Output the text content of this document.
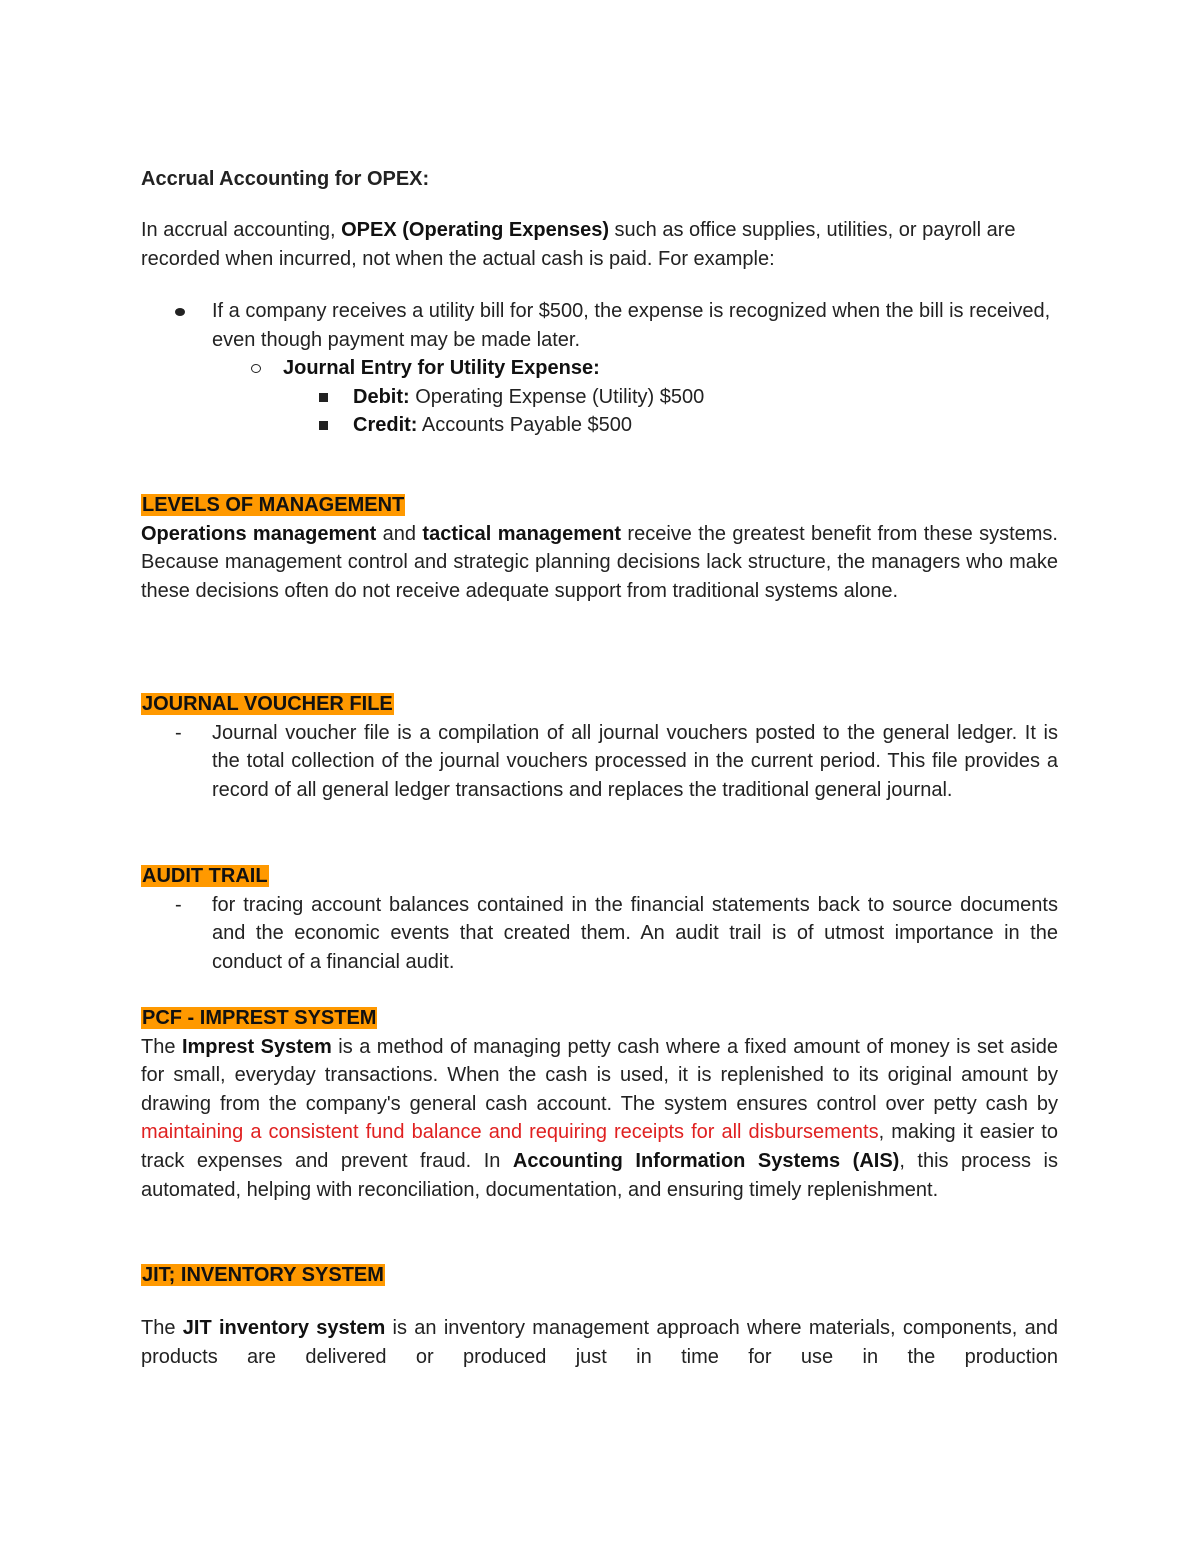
Accrual Accounting for OPEX:

In accrual accounting, OPEX (Operating Expenses) such as office supplies, utilities, or payroll are recorded when incurred, not when the actual cash is paid. For example:

If a company receives a utility bill for $500, the expense is recognized when the bill is received, even though payment may be made later.
Journal Entry for Utility Expense:
Debit: Operating Expense (Utility) $500
Credit: Accounts Payable $500

LEVELS OF MANAGEMENT

Operations management and tactical management receive the greatest benefit from these systems. Because management control and strategic planning decisions lack structure, the managers who make these decisions often do not receive adequate support from traditional systems alone.

JOURNAL VOUCHER FILE

- Journal voucher file is a compilation of all journal vouchers posted to the general ledger. It is the total collection of the journal vouchers processed in the current period. This file provides a record of all general ledger transactions and replaces the traditional general journal.

AUDIT TRAIL

- for tracing account balances contained in the financial statements back to source documents and the economic events that created them. An audit trail is of utmost importance in the conduct of a financial audit.

PCF - IMPREST SYSTEM

The Imprest System is a method of managing petty cash where a fixed amount of money is set aside for small, everyday transactions. When the cash is used, it is replenished to its original amount by drawing from the company's general cash account. The system ensures control over petty cash by maintaining a consistent fund balance and requiring receipts for all disbursements, making it easier to track expenses and prevent fraud. In Accounting Information Systems (AIS), this process is automated, helping with reconciliation, documentation, and ensuring timely replenishment.

JIT; INVENTORY SYSTEM

The JIT inventory system is an inventory management approach where materials, components, and products are delivered or produced just in time for use in the production
